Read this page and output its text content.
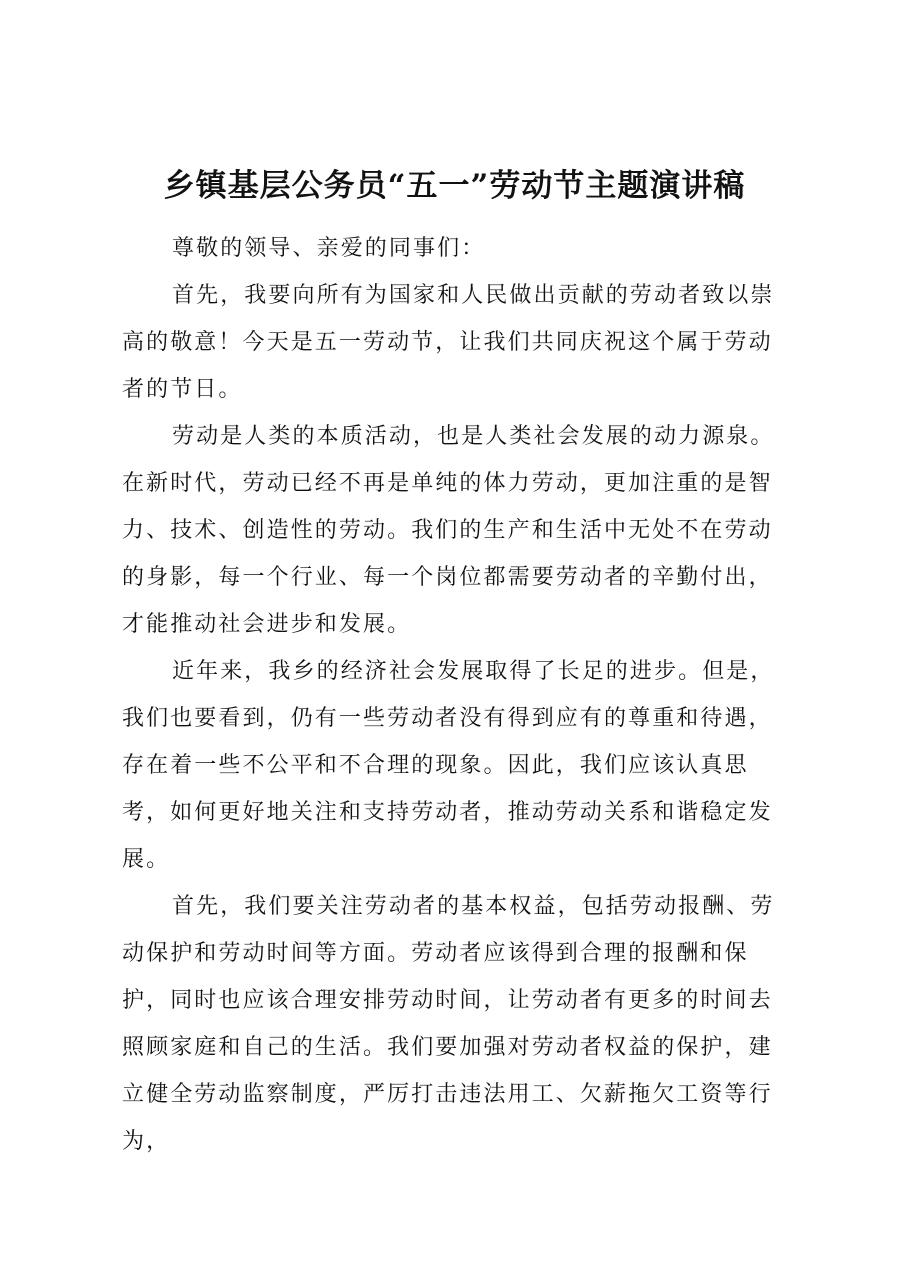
乡镇基层公务员“五一”劳动节主题演讲稿

尊敬的领导、亲爱的同事们：

首先，我要向所有为国家和人民做出贡献的劳动者致以崇高的敬意！今天是五一劳动节，让我们共同庆祝这个属于劳动者的节日。

劳动是人类的本质活动，也是人类社会发展的动力源泉。在新时代，劳动已经不再是单纯的体力劳动，更加注重的是智力、技术、创造性的劳动。我们的生产和生活中无处不在劳动的身影，每一个行业、每一个岗位都需要劳动者的辛勤付出，才能推动社会进步和发展。

近年来，我乡的经济社会发展取得了长足的进步。但是，我们也要看到，仍有一些劳动者没有得到应有的尊重和待遇，存在着一些不公平和不合理的现象。因此，我们应该认真思考，如何更好地关注和支持劳动者，推动劳动关系和谐稳定发展。

首先，我们要关注劳动者的基本权益，包括劳动报酬、劳动保护和劳动时间等方面。劳动者应该得到合理的报酬和保护，同时也应该合理安排劳动时间，让劳动者有更多的时间去照顾家庭和自己的生活。我们要加强对劳动者权益的保护，建立健全劳动监察制度，严厉打击违法用工、欠薪拖欠工资等行为，
